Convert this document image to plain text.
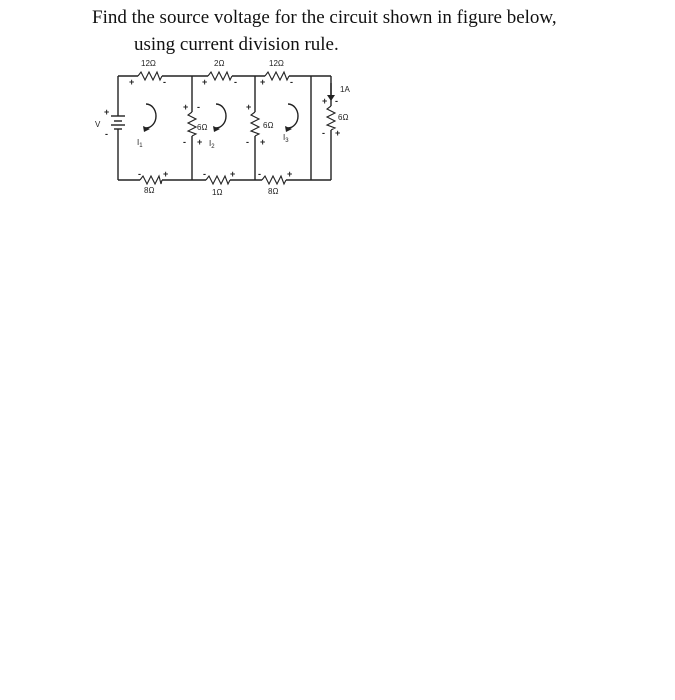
Find the source voltage for the circuit shown in figure below,
using current division rule.
V
+
-
1A
12Ω	2Ω	12Ω
8Ω	1Ω	8Ω
6Ω	6Ω
6Ω
+	-	+	-	+	-
- +	-	+	-	+
+
-
-
+
+
- +
+
-
-
+
$I_1$	$I_2$
$I_3$
